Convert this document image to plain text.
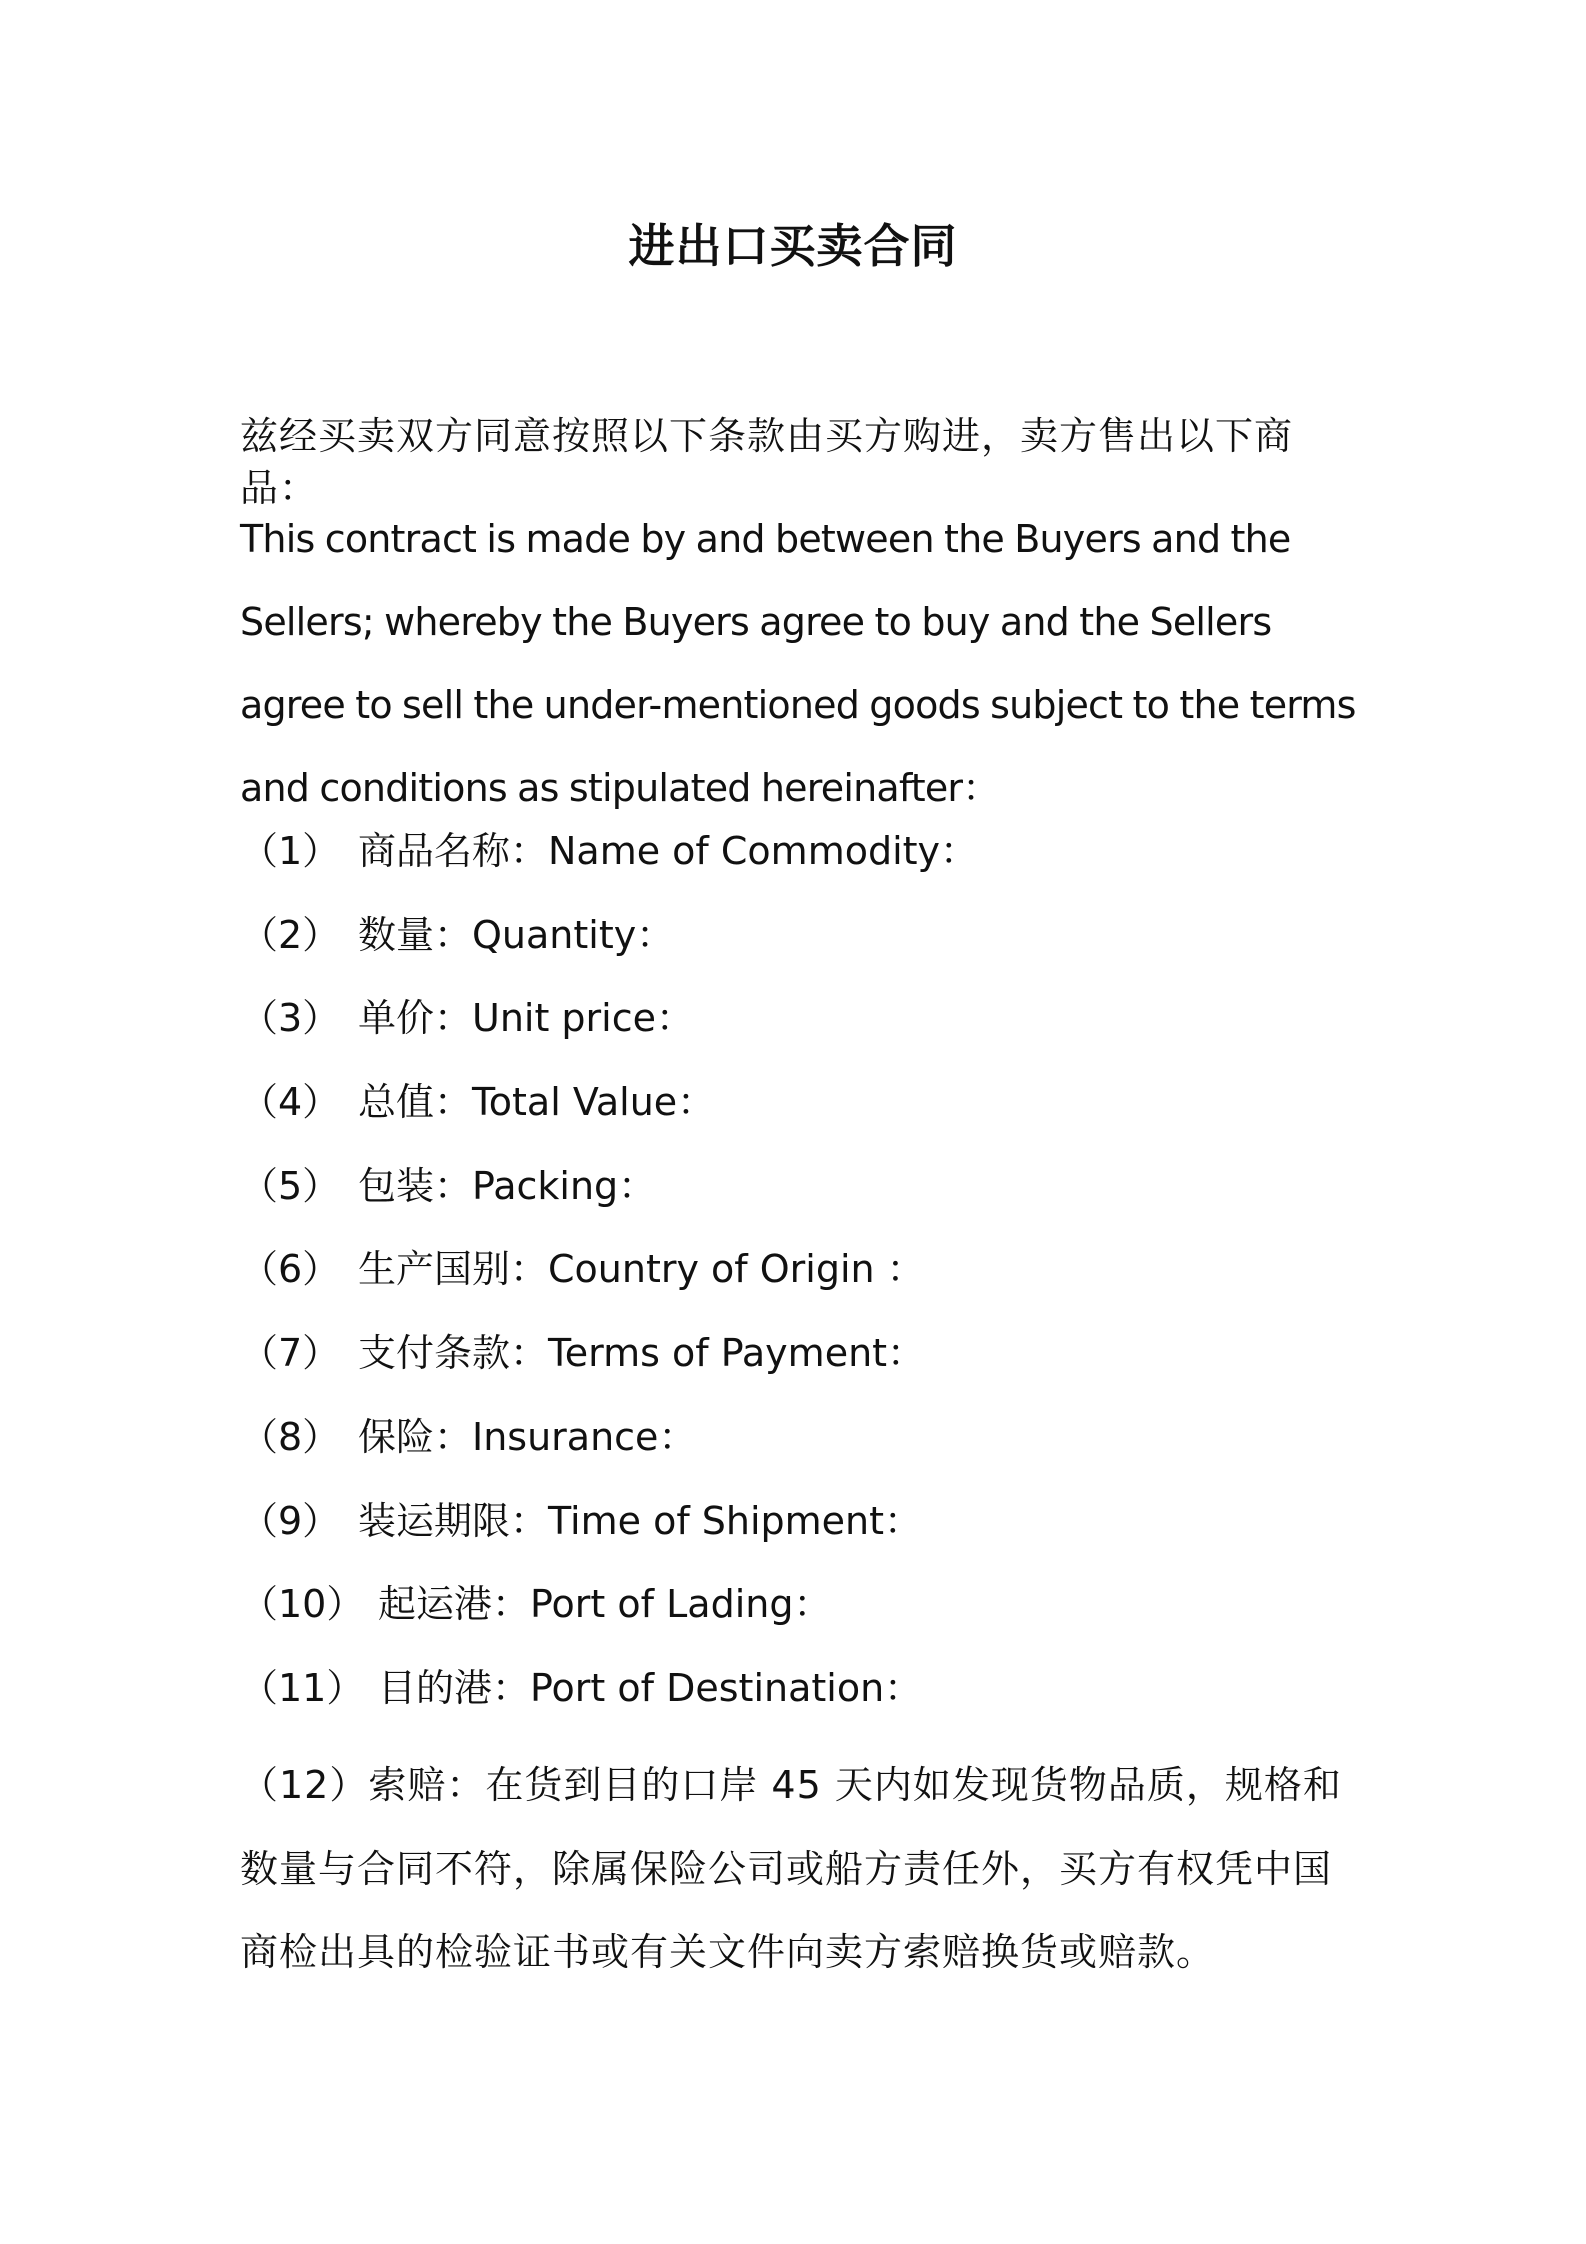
进出口买卖合同
兹经买卖双方同意按照以下条款由买方购进，卖方售出以下商品：
This contract is made by and between the Buyers and the Sellers; whereby the Buyers agree to buy and the Sellers agree to sell the under-mentioned goods subject to the terms and conditions as stipulated hereinafter：
（1） 商品名称：Name of Commodity：
（2） 数量：Quantity：
（3） 单价：Unit price：
（4） 总值：Total Value：
（5） 包装：Packing：
（6） 生产国别：Country of Origin ：
（7） 支付条款：Terms of Payment：
（8） 保险：Insurance：
（9） 装运期限：Time of Shipment：
（10） 起运港：Port of Lading：
（11） 目的港：Port of Destination：
（12）索赔：在货到目的口岸 45 天内如发现货物品质，规格和数量与合同不符，除属保险公司或船方责任外，买方有权凭中国商检出具的检验证书或有关文件向卖方索赔换货或赔款。
